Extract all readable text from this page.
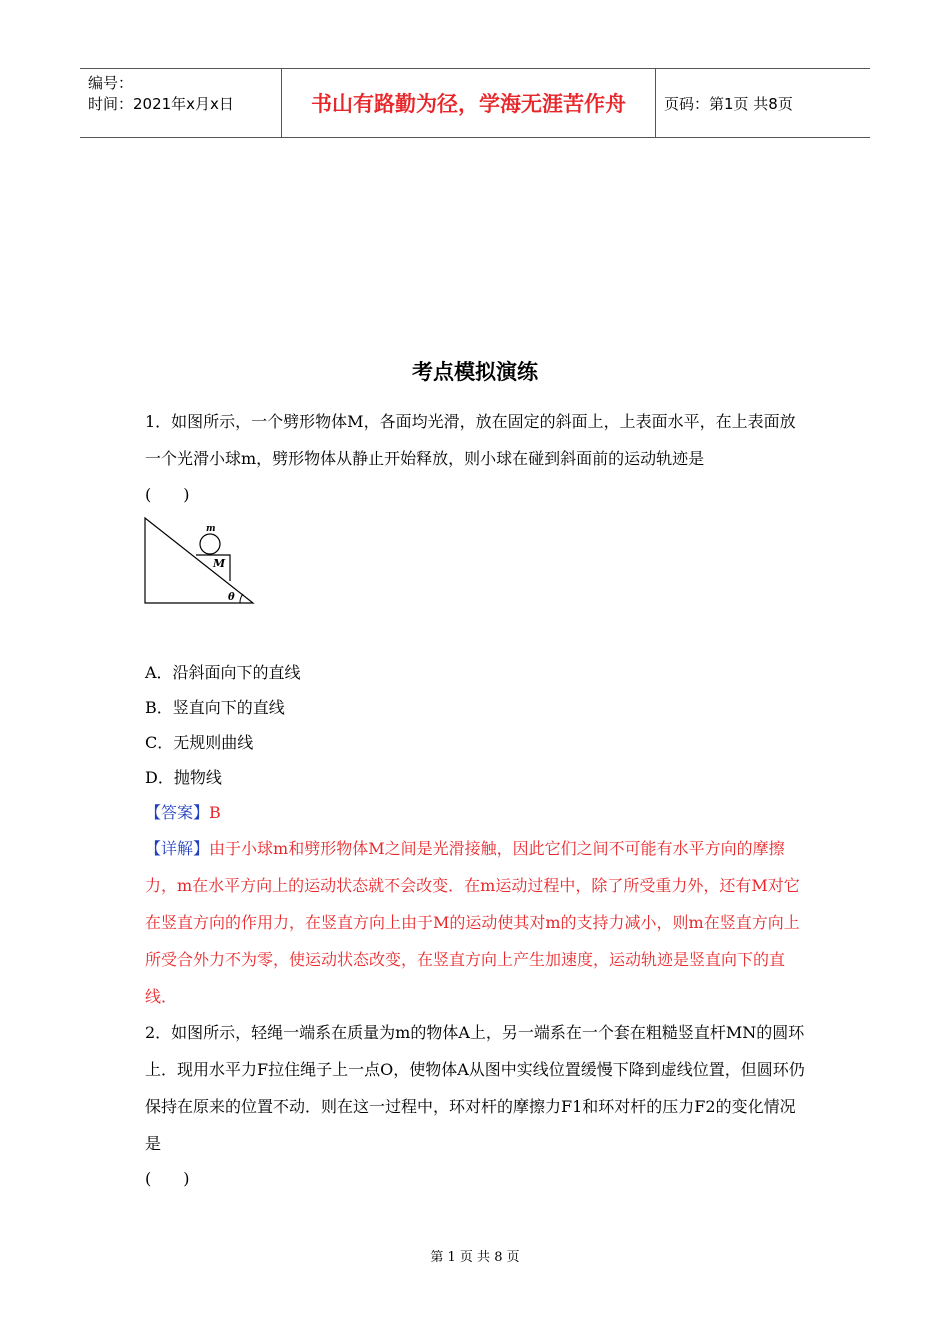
编号：
时间：2021年x月x日	书山有路勤为径，学海无涯苦作舟	页码：第1页 共8页
考点模拟演练
1．如图所示，一个劈形物体M，各面均光滑，放在固定的斜面上，上表面水平，在上表面放一个光滑小球m，劈形物体从静止开始释放，则小球在碰到斜面前的运动轨迹是
(　　)
m
M
θ
A．沿斜面向下的直线
B．竖直向下的直线
C．无规则曲线
D．抛物线
【答案】B
【详解】由于小球m和劈形物体M之间是光滑接触，因此它们之间不可能有水平方向的摩擦力，m在水平方向上的运动状态就不会改变．在m运动过程中，除了所受重力外，还有M对它在竖直方向的作用力，在竖直方向上由于M的运动使其对m的支持力减小，则m在竖直方向上所受合外力不为零，使运动状态改变，在竖直方向上产生加速度，运动轨迹是竖直向下的直线．
2．如图所示，轻绳一端系在质量为m的物体A上，另一端系在一个套在粗糙竖直杆MN的圆环上．现用水平力F拉住绳子上一点O，使物体A从图中实线位置缓慢下降到虚线位置，但圆环仍保持在原来的位置不动．则在这一过程中，环对杆的摩擦力F1和环对杆的压力F2的变化情况是
(　　)
第 1 页 共 8 页
